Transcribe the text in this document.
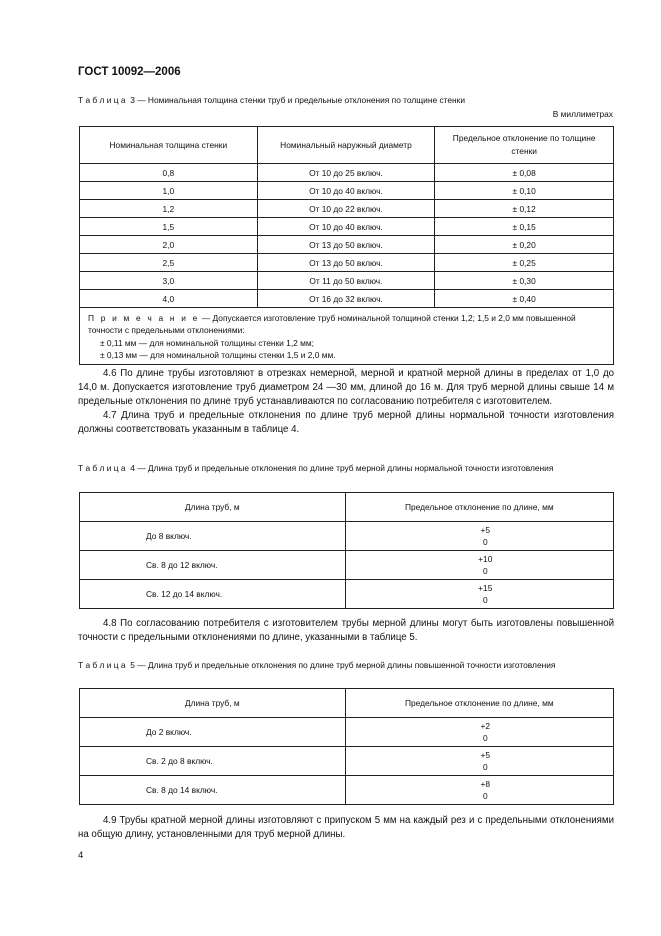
ГОСТ 10092—2006
Т а б л и ц а  3 — Номинальная толщина стенки труб и предельные отклонения по толщине стенки
В миллиметрах
Номинальная толщина стенки	Номинальный наружный диаметр	Предельное отклонение по толщине стенки
0,8	От 10 до 25 включ.	± 0,08
1,0	От 10 до 40 включ.	± 0,10
1,2	От 10 до 22 включ.	± 0,12
1,5	От 10 до 40 включ.	± 0,15
2,0	От 13 до 50 включ.	± 0,20
2,5	От 13 до 50 включ.	± 0,25
3,0	От 11 до 50 включ.	± 0,30
4,0	От 16 до 32 включ.	± 0,40
П р и м е ч а н и е — Допускается изготовление труб номинальной толщиной стенки 1,2; 1,5 и 2,0 мм повышенной точности с предельными отклонениями:
± 0,11 мм — для номинальной толщины стенки 1,2 мм;
± 0,13 мм — для номинальной толщины стенки 1,5 и 2,0 мм.		

4.6 По длине трубы изготовляют в отрезках немерной, мерной и кратной мерной длины в пределах от 1,0 до 14,0 м. Допускается изготовление труб диаметром 24 —30 мм, длиной до 16 м. Для труб мерной длины свыше 14 м предельные отклонения по длине труб устанавливаются по согласованию потребителя с изготовителем.

4.7 Длина труб и предельные отклонения по длине труб мерной длины нормальной точности изготовления должны соответствовать указанным в таблице 4.

Т а б л и ц а  4 — Длина труб и предельные отклонения по длине труб мерной длины нормальной точности изготовления
Длина труб, м	Предельное отклонение по длине, мм
До 8 включ.	+5
0

Св. 8 до 12 включ.	+10
0

Св. 12 до 14 включ.	+15
0

4.8 По согласованию потребителя с изготовителем трубы мерной длины могут быть изготовлены повышенной точности с предельными отклонениями по длине, указанными в таблице 5.

Т а б л и ц а  5 — Длина труб и предельные отклонения по длине труб мерной длины повышенной точности изготовления
Длина труб, м	Предельное отклонение по длине, мм
До 2 включ.	+2
0

Св. 2 до 8 включ.	+5
0

Св. 8 до 14 включ.	+8
0

4.9 Трубы кратной мерной длины изготовляют с припуском 5 мм на каждый рез и с предельными отклонениями на общую длину, установленными для труб мерной длины.

4
